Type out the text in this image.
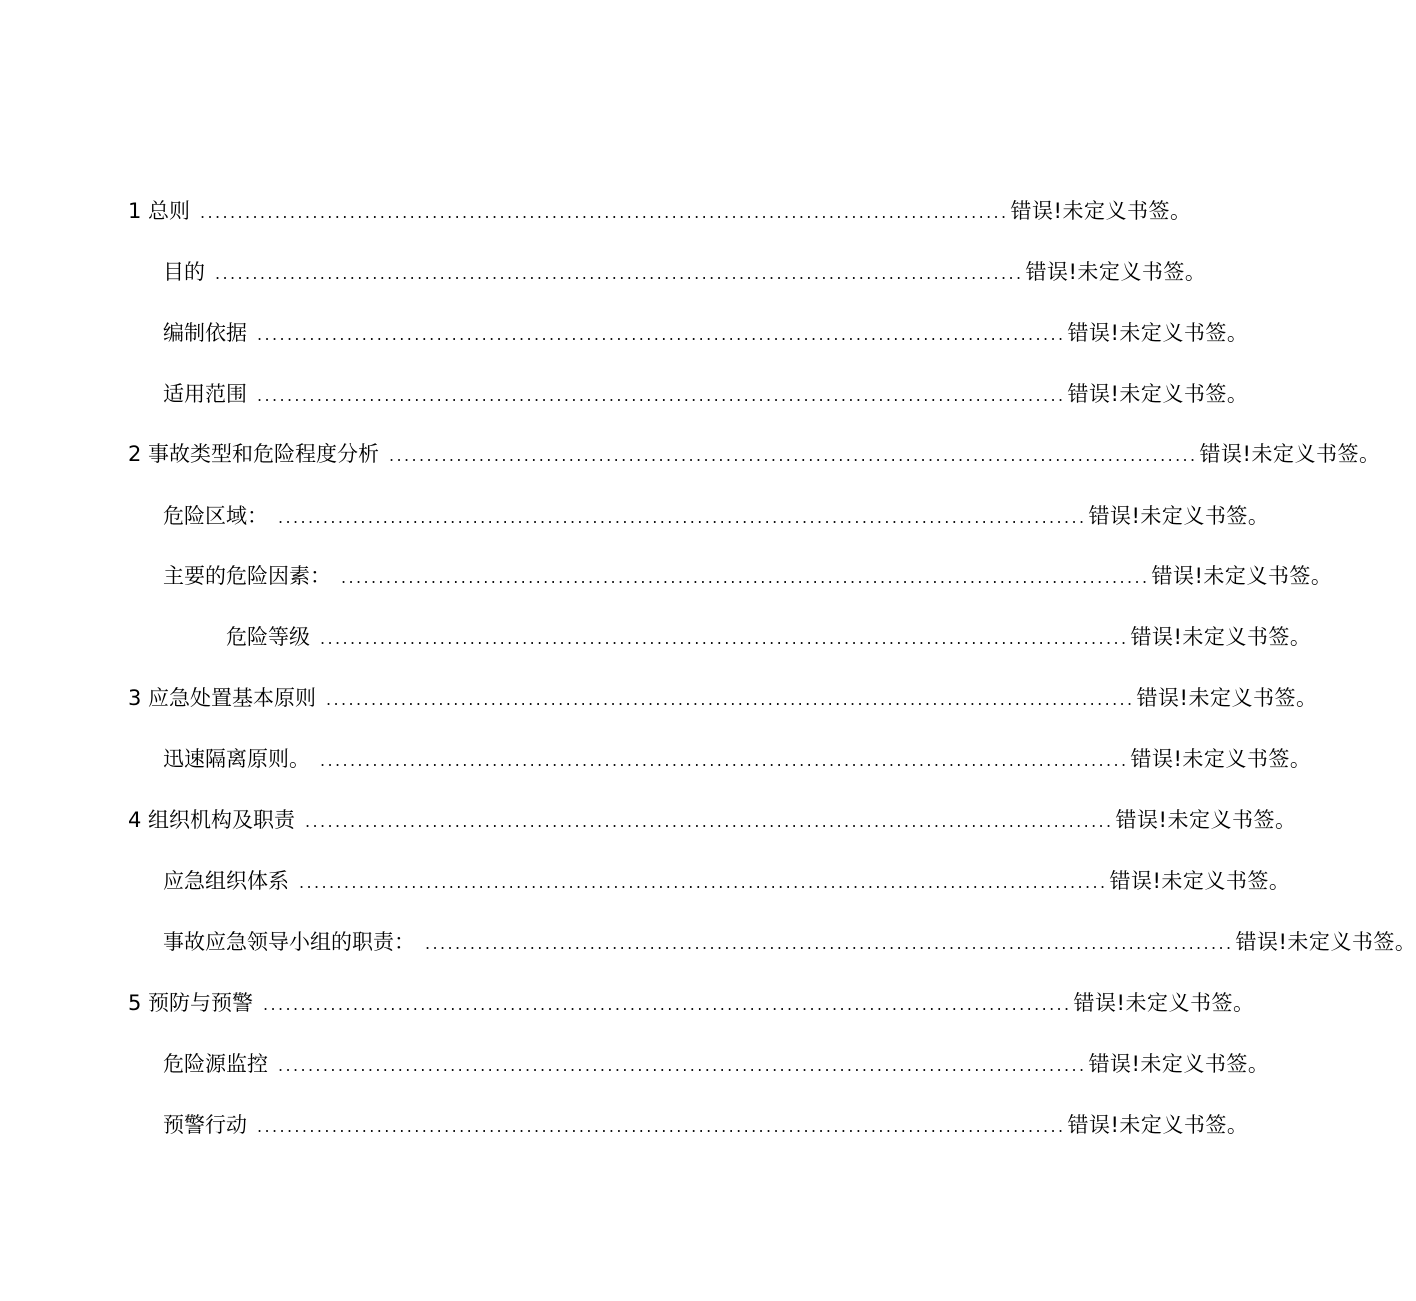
1 总则 ............................................................................................................ 错误!未定义书签。
目的 ............................................................................................................ 错误!未定义书签。
编制依据 ............................................................................................................ 错误!未定义书签。
适用范围 ............................................................................................................ 错误!未定义书签。
2 事故类型和危险程度分析 ............................................................................................................ 错误!未定义书签。
危险区域： ............................................................................................................ 错误!未定义书签。
主要的危险因素： ............................................................................................................ 错误!未定义书签。
危险等级 ............................................................................................................ 错误!未定义书签。
3 应急处置基本原则 ............................................................................................................ 错误!未定义书签。
迅速隔离原则。 ............................................................................................................ 错误!未定义书签。
4 组织机构及职责 ............................................................................................................ 错误!未定义书签。
应急组织体系 ............................................................................................................ 错误!未定义书签。
事故应急领导小组的职责： ............................................................................................................ 错误!未定义书签。
5 预防与预警 ............................................................................................................ 错误!未定义书签。
危险源监控 ............................................................................................................ 错误!未定义书签。
预警行动 ............................................................................................................ 错误!未定义书签。
